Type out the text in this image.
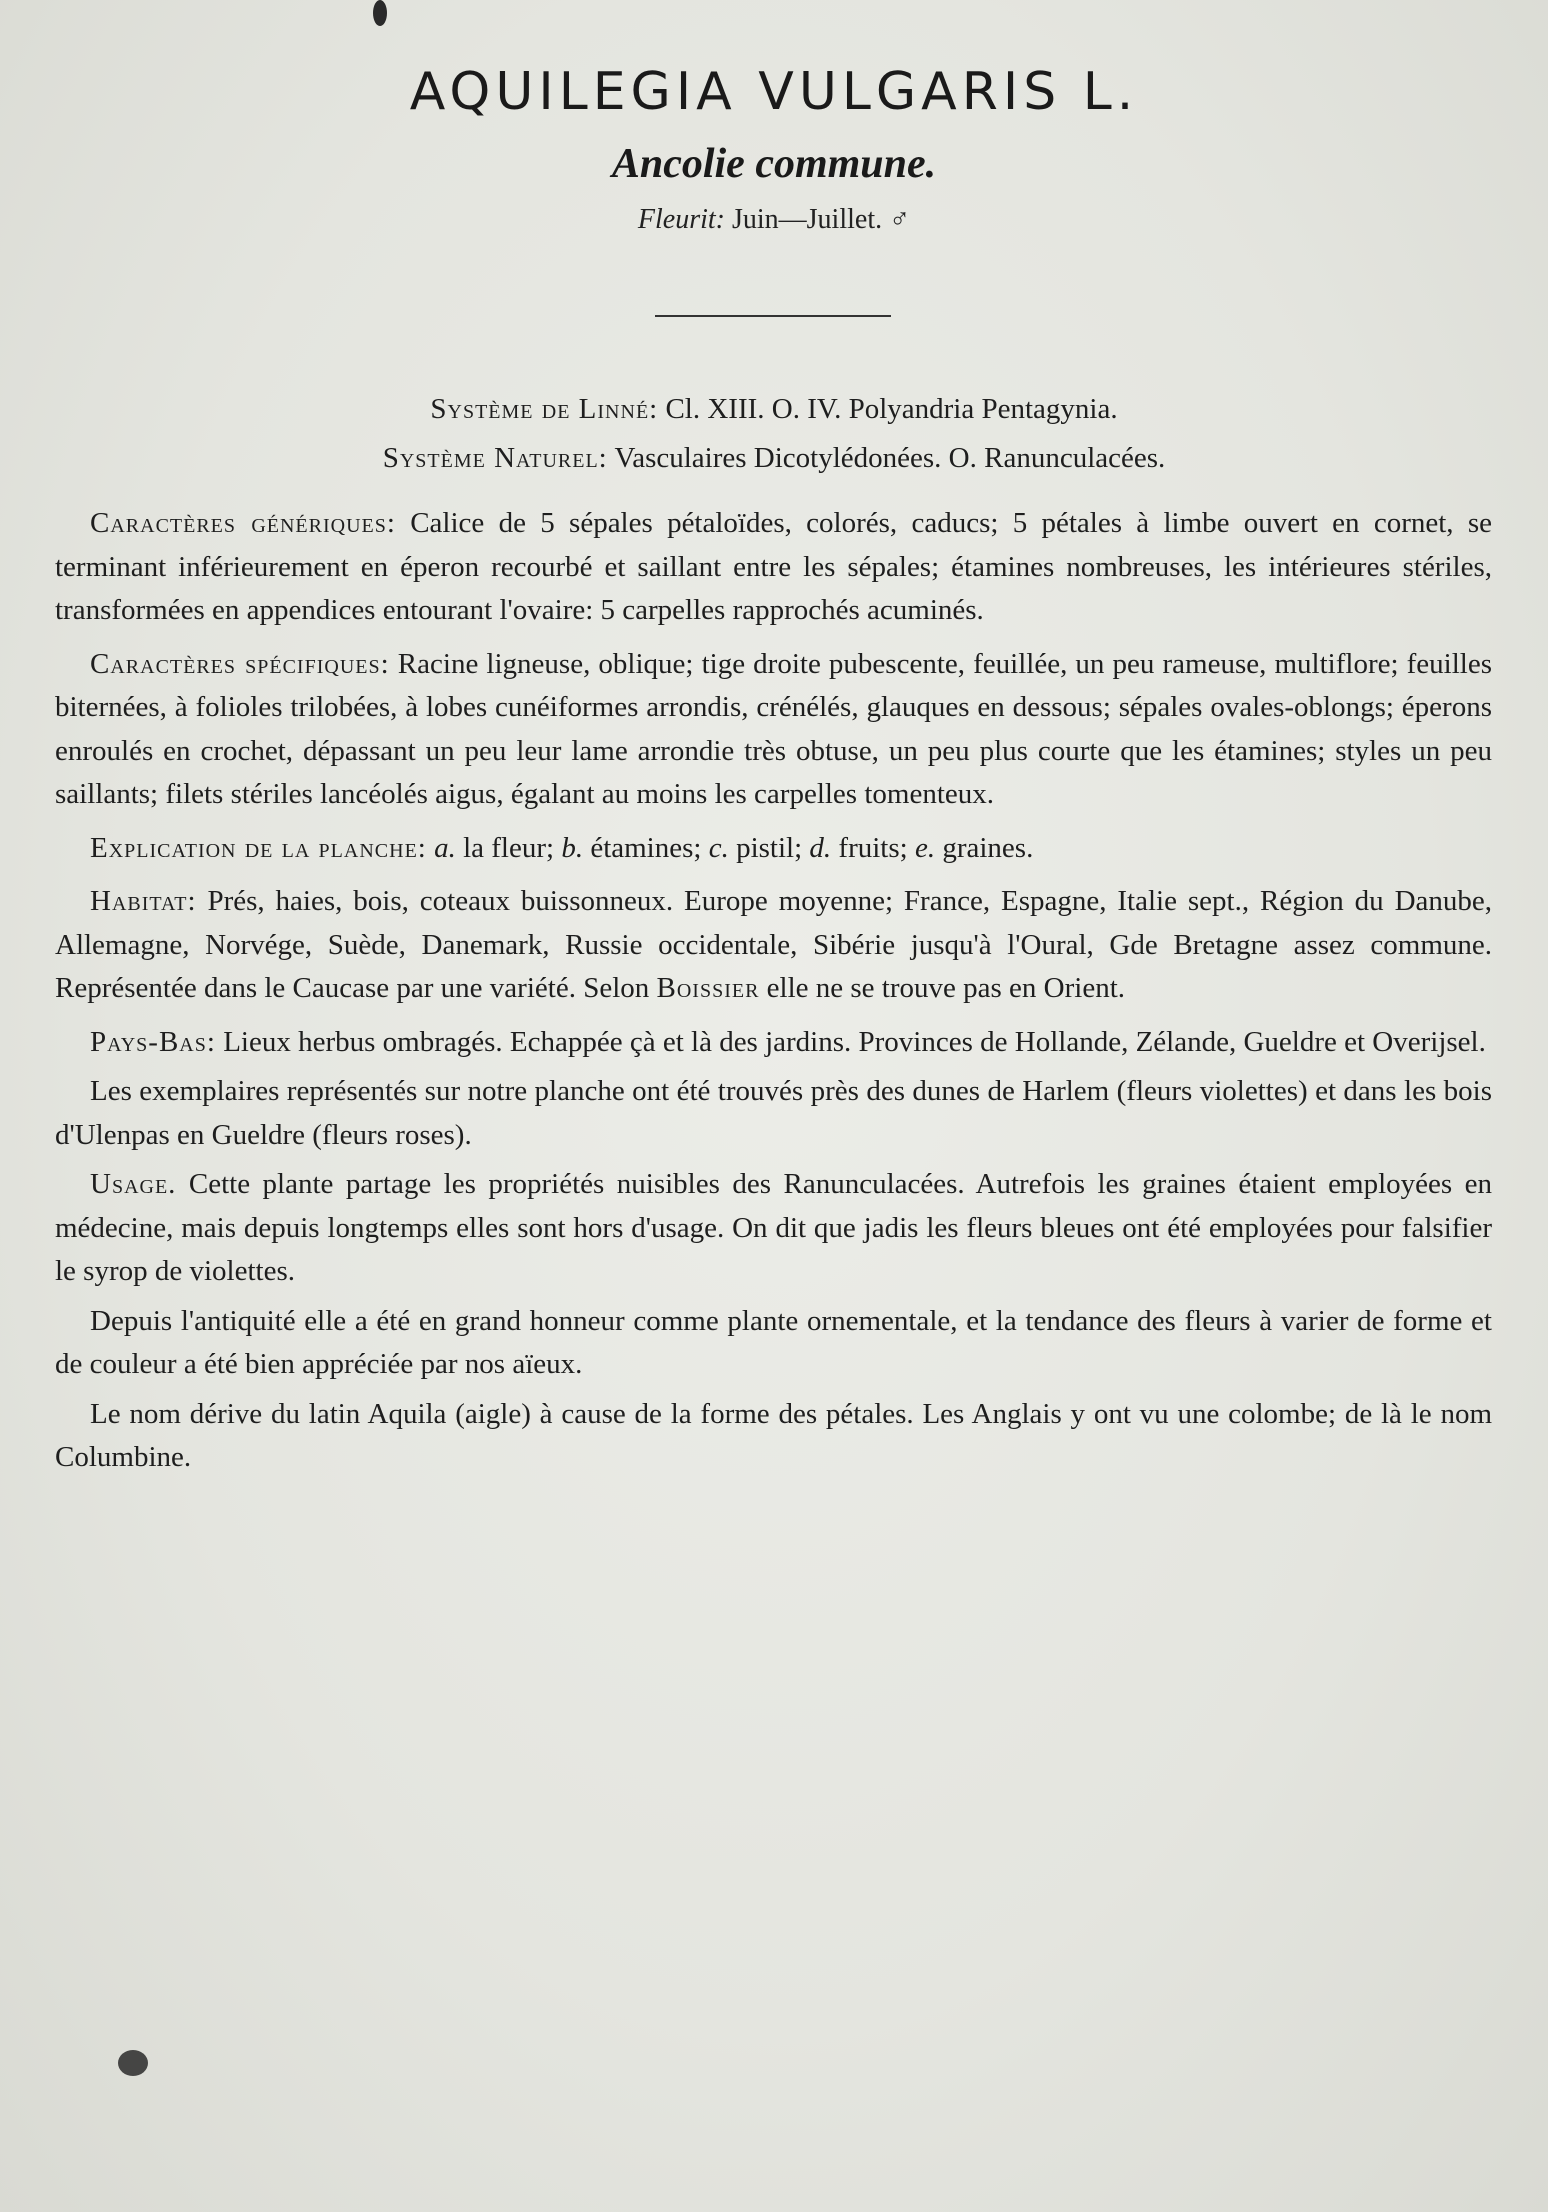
AQUILEGIA VULGARIS L.
Ancolie commune.
Fleurit: Juin—Juillet. ♂
Système de Linné: Cl. XIII. O. IV. Polyandria Pentagynia.
Système Naturel: Vasculaires Dicotylédonées. O. Ranunculacées.

Caractères génériques: Calice de 5 sépales pétaloïdes, colorés, caducs; 5 pétales à limbe ouvert en cornet, se terminant inférieurement en éperon recourbé et saillant entre les sépales; étamines nombreuses, les intérieures stériles, transformées en appendices entourant l'ovaire: 5 carpelles rapprochés acuminés.

Caractères spécifiques: Racine ligneuse, oblique; tige droite pubescente, feuillée, un peu rameuse, multiflore; feuilles biternées, à folioles trilobées, à lobes cunéiformes arrondis, crénélés, glauques en dessous; sépales ovales-oblongs; éperons enroulés en crochet, dépassant un peu leur lame arrondie très obtuse, un peu plus courte que les étamines; styles un peu saillants; filets stériles lancéolés aigus, égalant au moins les carpelles tomenteux.

Explication de la planche: a. la fleur; b. étamines; c. pistil; d. fruits; e. graines.

Habitat: Prés, haies, bois, coteaux buissonneux. Europe moyenne; France, Espagne, Italie sept., Région du Danube, Allemagne, Norvége, Suède, Danemark, Russie occidentale, Sibérie jusqu'à l'Oural, Gde Bretagne assez commune. Représentée dans le Caucase par une variété. Selon Boissier elle ne se trouve pas en Orient.

Pays-Bas: Lieux herbus ombragés. Echappée çà et là des jardins. Provinces de Hollande, Zélande, Gueldre et Overijsel.

Les exemplaires représentés sur notre planche ont été trouvés près des dunes de Harlem (fleurs violettes) et dans les bois d'Ulenpas en Gueldre (fleurs roses).

Usage. Cette plante partage les propriétés nuisibles des Ranunculacées. Autrefois les graines étaient employées en médecine, mais depuis longtemps elles sont hors d'usage. On dit que jadis les fleurs bleues ont été employées pour falsifier le syrop de violettes.

Depuis l'antiquité elle a été en grand honneur comme plante ornementale, et la tendance des fleurs à varier de forme et de couleur a été bien appréciée par nos aïeux.

Le nom dérive du latin Aquila (aigle) à cause de la forme des pétales. Les Anglais y ont vu une colombe; de là le nom Columbine.
